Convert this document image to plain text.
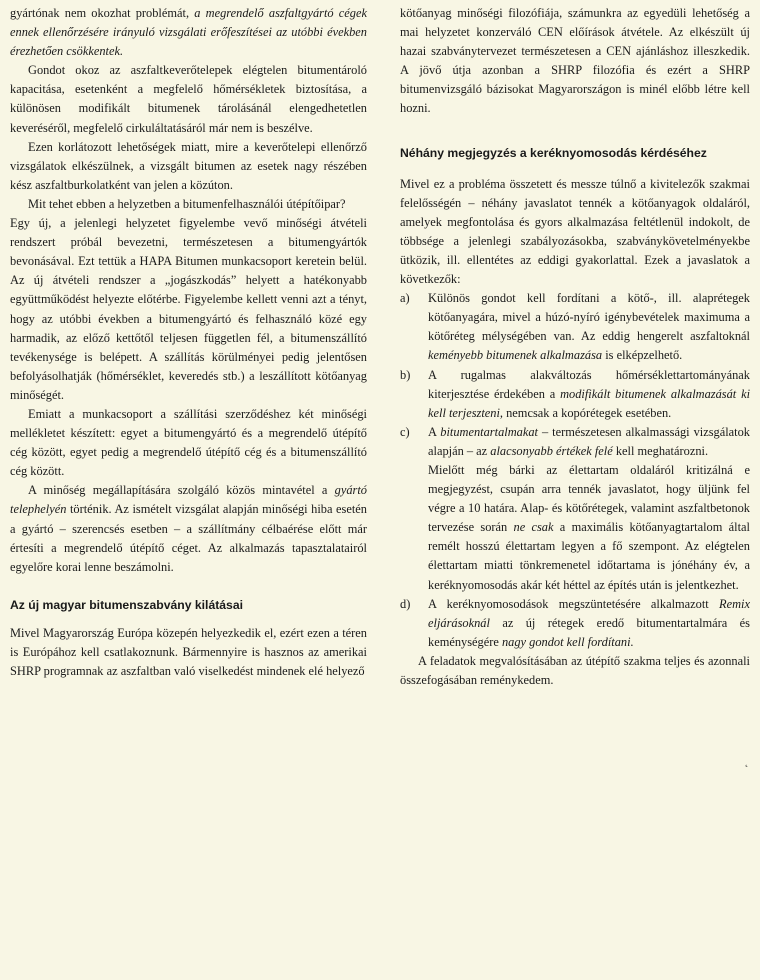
gyártónak nem okozhat problémát, a megrendelő aszfaltgyártó cégek ennek ellenőrzésére irányuló vizsgálati erőfeszítései az utóbbi években érezhetően csökkentek.

Gondot okoz az aszfaltkeverőtelepek elégtelen bitumentároló kapacitása, esetenként a megfelelő hőmérsékletek biztosítása, a különösen modifikált bitumenek tárolásánál elengedhetetlen keveréséről, megfelelő cirkuláltatásáról már nem is beszélve.

Ezen korlátozott lehetőségek miatt, mire a keverőtelepi ellenőrző vizsgálatok elkészülnek, a vizsgált bitumen az esetek nagy részében kész aszfaltburkolatként van jelen a közúton.

Mit tehet ebben a helyzetben a bitumenfelhasználói útépítőipar?

Egy új, a jelenlegi helyzetet figyelembe vevő minőségi átvételi rendszert próbál bevezetni, természetesen a bitumengyártók bevonásával. Ezt tettük a HAPA Bitumen munkacsoport keretein belül. Az új átvételi rendszer a „jogászkodás” helyett a hatékonyabb együttműködést helyezte előtérbe. Figyelembe kellett venni azt a tényt, hogy az utóbbi években a bitumengyártó és felhasználó közé egy harmadik, az előző kettőtől teljesen független fél, a bitumenszállító tevékenysége is belépett. A szállítás körülményei pedig jelentősen befolyásolhatják (hőmérséklet, keveredés stb.) a leszállított kötőanyag minőségét.

Emiatt a munkacsoport a szállítási szerződéshez két minőségi mellékletet készített: egyet a bitumengyártó és a megrendelő útépítő cég között, egyet pedig a megrendelő útépítő cég és a bitumenszállító cég között.

A minőség megállapítására szolgáló közös mintavétel a gyártó telephelyén történik. Az ismételt vizsgálat alapján minőségi hiba esetén a gyártó – szerencsés esetben – a szállítmány célbaérése előtt már értesíti a megrendelő útépítő céget. Az alkalmazás tapasztalatairól egyelőre korai lenne beszámolni.

Az új magyar bitumenszabvány kilátásai

Mivel Magyarország Európa közepén helyezkedik el, ezért ezen a téren is Európához kell csatlakoznunk. Bármennyire is hasznos az amerikai SHRP programnak az aszfaltban való viselkedést mindenek elé helyező

kötőanyag minőségi filozófiája, számunkra az egyedüli lehetőség a mai helyzetet konzerváló CEN előírások átvétele. Az elkészült új hazai szabványtervezet természetesen a CEN ajánláshoz illeszkedik. A jövő útja azonban a SHRP filozófia és ezért a SHRP bitumenvizsgáló bázisokat Magyarországon is minél előbb létre kell hozni.

Néhány megjegyzés a keréknyomosodás kérdéséhez

Mivel ez a probléma összetett és messze túlnő a kivitelezők szakmai felelősségén – néhány javaslatot tennék a kötőanyagok oldaláról, amelyek megfontolása és gyors alkalmazása feltétlenül indokolt, de többsége a jelenlegi szabályozásokba, szabványkövetelményekbe ütközik, ill. ellentétes az eddigi gyakorlattal. Ezek a javaslatok a következők:

a) Különös gondot kell fordítani a kötő-, ill. alaprétegek kötőanyagára, mivel a húzó-nyíró igénybevételek maximuma a kötőréteg mélységében van. Az eddig hengerelt aszfaltoknál keményebb bitumenek alkalmazása is elképzelhető.
b) A rugalmas alakváltozás hőmérséklettartományának kiterjesztése érdekében a modifikált bitumenek alkalmazását ki kell terjeszteni, nemcsak a kopórétegek esetében.
c) A bitumentartalmakat – természetesen alkalmassági vizsgálatok alapján – az alacsonyabb értékek felé kell meghatározni.

Mielőtt még bárki az élettartam oldaláról kritizálná e megjegyzést, csupán arra tennék javaslatot, hogy üljünk fel végre a 10 határa. Alap- és kötőrétegek, valamint aszfaltbetonok tervezése során ne csak a maximális kötőanyagtartalom által remélt hosszú élettartam legyen a fő szempont. Az elégtelen élettartam miatti tönkremenetel időtartama is jónéhány év, a keréknyomosodás akár két héttel az építés után is jelentkezhet.

d) A keréknyomosodások megszüntetésére alkalmazott Remix eljárásoknál az új rétegek eredő bitumentartalmára és keménységére nagy gondot kell fordítani.

A feladatok megvalósításában az útépítő szakma teljes és azonnali összefogásában reménykedem.

˛
